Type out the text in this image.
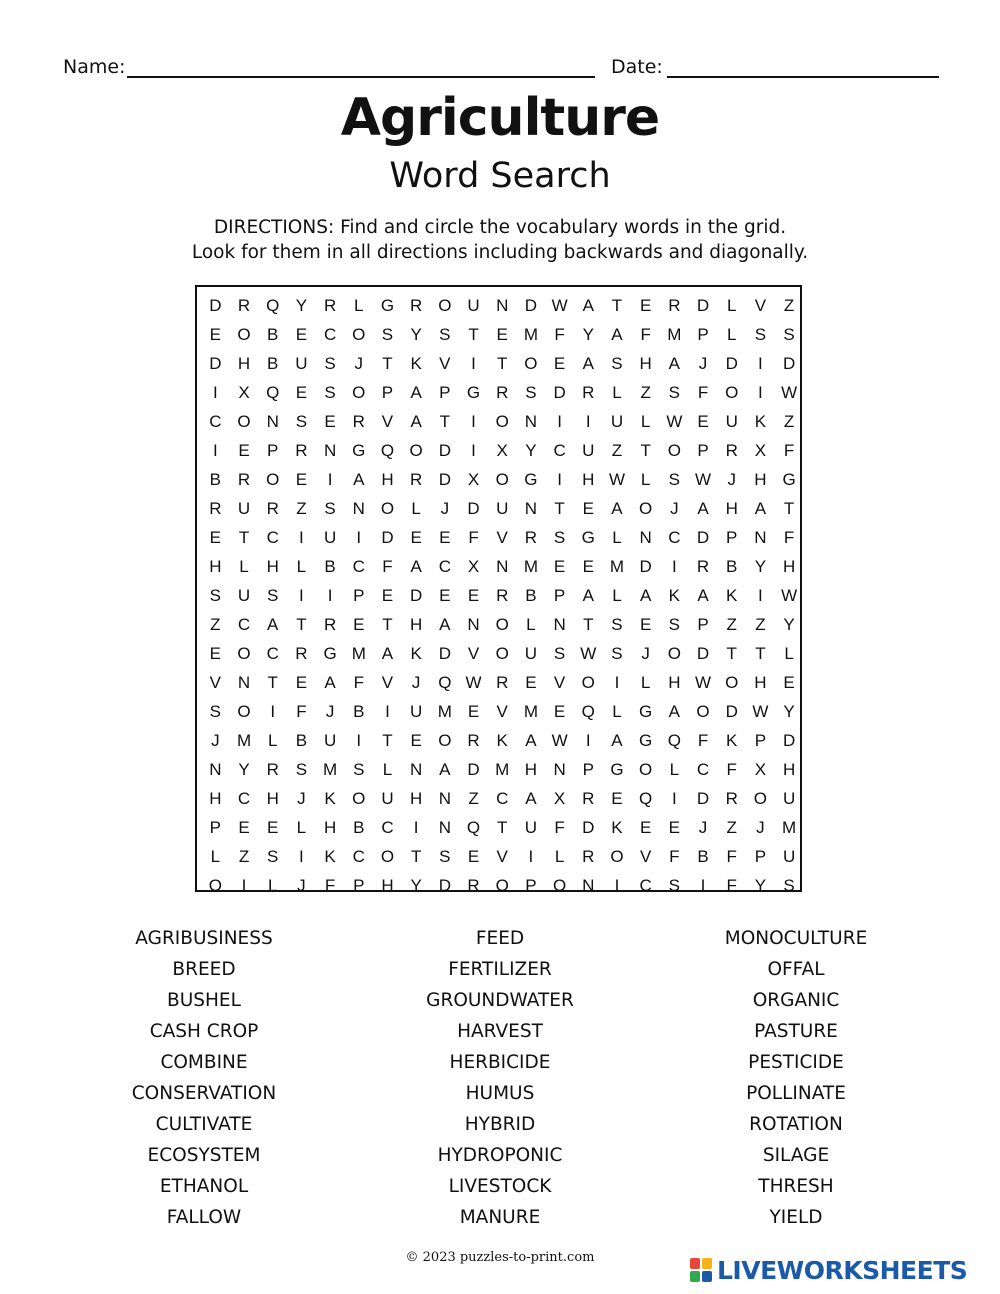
Name:	Date:
Agriculture
Word Search
DIRECTIONS: Find and circle the vocabulary words in the grid.
Look for them in all directions including backwards and diagonally.
D R Q Y R	L	G R O U N D W A	T	E R D	L	V	Z
E O B	E C O S	Y	S	T	E M F	Y	A	F M P	L	S	S
D H B U S	J	T	K	V	I	T O E	A	S H A	J	D	I	D
I	X Q E	S O P	A	P G R S D R	L	Z	S	F O	I	W
C O N S	E R V	A	T	I	O N	I	I	U	L W E U K	Z
I	E	P R N G Q O D	I	X	Y C U	Z	T O P R X	F
B R O E	I	A H R D X O G	I	H W L	S W J	H G
R U R	Z	S N O	L	J	D U N	T	E	A O	J	A H A	T
E	T	C	I	U	I	D E	E	F	V R S G	L	N C D P N	F
H	L	H	L	B C	F	A C X N M E	E M D	I	R B	Y H
S U S	I	I	P	E D E	E R B	P	A	L	A	K	A	K	I	W
Z	C A	T	R E	T	H A N O	L	N	T	S	E	S	P	Z	Z	Y
E O C R G M A	K D V O U S W S	J	O D	T	T	L
V N	T	E	A	F	V	J	Q W R E	V O	I	L	H W O H E
S O	I	F	J	B	I	U M E	V M E Q	L	G A O D W Y
J	M L	B U	I	T	E O R K	A W	I	A G Q F	K	P D
N Y R S M S	L	N A D M H N P G O	L	C	F	X H
H C H	J	K O U H N	Z	C A	X R E Q	I	D R O U
P	E	E	L	H B C	I	N Q T	U	F	D K	E	E	J	Z	J	M
L	Z	S	I	K C O T	S	E	V	I	L	R O V	F	B	F	P U
O	I	L	J	F	P H Y D R O P O N	I	C S	I	F	Y	S
AGRIBUSINESS
BREED
BUSHEL
CASH CROP
COMBINE
CONSERVATION
CULTIVATE
ECOSYSTEM
ETHANOL
FALLOW
FEED
FERTILIZER
GROUNDWATER
HARVEST
HERBICIDE
HUMUS
HYBRID
HYDROPONIC
LIVESTOCK
MANURE
MONOCULTURE
OFFAL
ORGANIC
PASTURE
PESTICIDE
POLLINATE
ROTATION
SILAGE
THRESH
YIELD
© 2023 puzzles-to-print.com	LIVEWORKSHEETS
